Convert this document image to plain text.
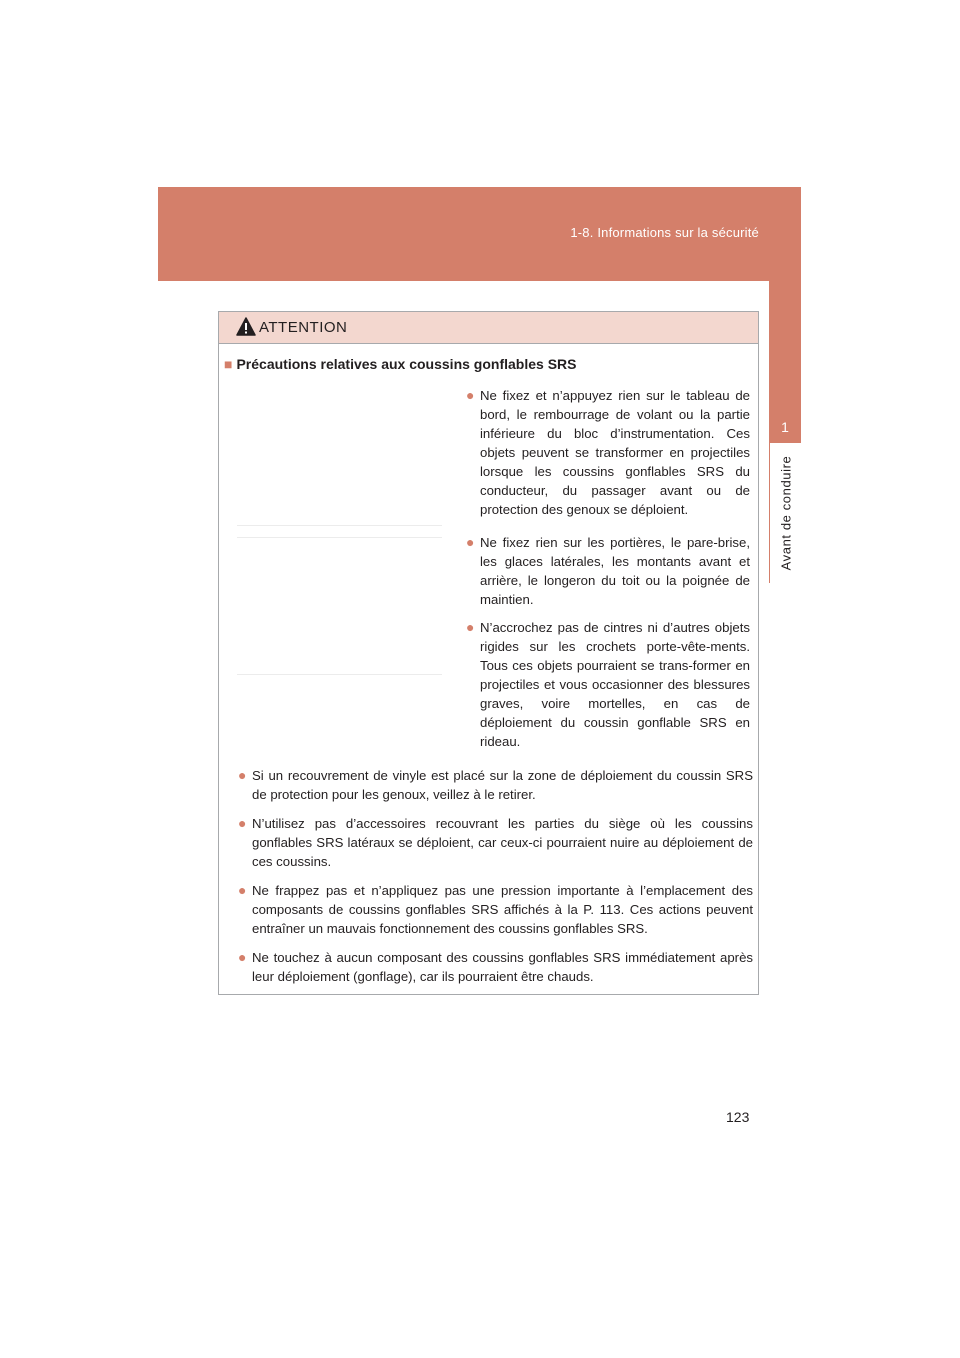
1-8. Informations sur la sécurité
1
Avant de conduire
ATTENTION
■ Précautions relatives aux coussins gonflables SRS
● Ne fixez et n’appuyez rien sur le tableau de bord, le rembourrage de volant ou la partie inférieure du bloc d’instrumentation. Ces objets peuvent se transformer en projectiles lorsque les coussins gonflables SRS du conducteur, du passager avant ou de protection des genoux se déploient.
● Ne fixez rien sur les portières, le pare-brise, les glaces latérales, les montants avant et arrière, le longeron du toit ou la poignée de maintien.
● N’accrochez pas de cintres ni d’autres objets rigides sur les crochets porte-vête-ments. Tous ces objets pourraient se trans-former en projectiles et vous occasionner des blessures graves, voire mortelles, en cas de déploiement du coussin gonflable SRS en rideau.
● Si un recouvrement de vinyle est placé sur la zone de déploiement du coussin SRS de protection pour les genoux, veillez à le retirer.
● N’utilisez pas d’accessoires recouvrant les parties du siège où les coussins gonflables SRS latéraux se déploient, car ceux-ci pourraient nuire au déploiement de ces coussins.
● Ne frappez pas et n’appliquez pas une pression importante à l’emplacement des composants de coussins gonflables SRS affichés à la P. 113. Ces actions peuvent entraîner un mauvais fonctionnement des coussins gonflables SRS.
● Ne touchez à aucun composant des coussins gonflables SRS immédiatement après leur déploiement (gonflage), car ils pourraient être chauds.
123
